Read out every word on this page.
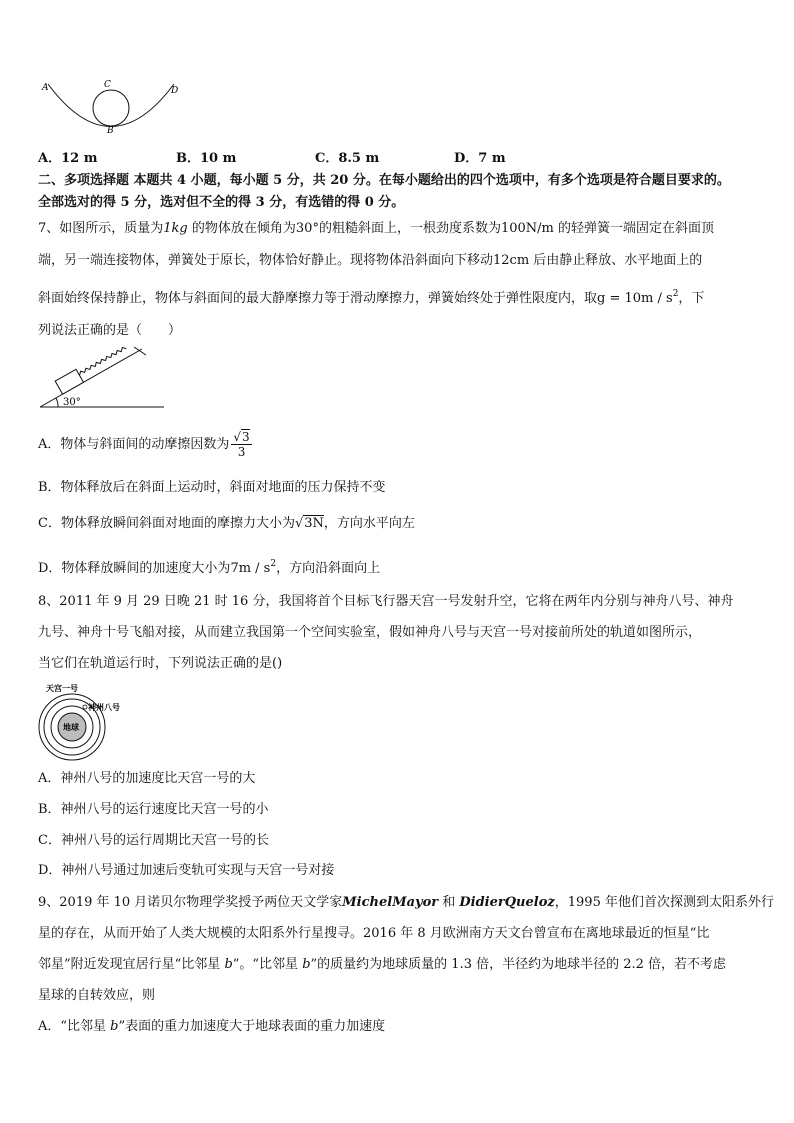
A	C
D
B
A．12 m	B．10 m	C．8.5 m	D．7 m
二、多项选择题 本题共 4 小题，每小题 5 分，共 20 分。在每小题给出的四个选项中，有多个选项是符合题目要求的。
全部选对的得 5 分，选对但不全的得 3 分，有选错的得 0 分。
7、如图所示，质量为1kg 的物体放在倾角为30°的粗糙斜面上，一根劲度系数为100N/m 的轻弹簧一端固定在斜面顶
端，另一端连接物体，弹簧处于原长，物体恰好静止。现将物体沿斜面向下移动12cm 后由静止释放、水平地面上的
斜面始终保持静止，物体与斜面间的最大静摩擦力等于滑动摩擦力，弹簧始终处于弹性限度内，取$g = 10m / s^2$，下
列说法正确的是（　　）
30°
A．物体与斜面间的动摩擦因数为 $\frac{√3}{3}$
B．物体释放后在斜面上运动时，斜面对地面的压力保持不变
C．物体释放瞬间斜面对地面的摩擦力大小为√3N，方向水平向左
D．物体释放瞬间的加速度大小为$7m / s^2$，方向沿斜面向上
8、2011 年 9 月 29 日晚 21 时 16 分，我国将首个目标飞行器天宫一号发射升空，它将在两年内分别与神舟八号、神舟
九号、神舟十号飞船对接，从而建立我国第一个空间实验室，假如神舟八号与天宫一号对接前所处的轨道如图所示，
当它们在轨道运行时，下列说法正确的是()
天宫一号
神州八号
地球
A．神州八号的加速度比天宫一号的大
B．神州八号的运行速度比天宫一号的小
C．神州八号的运行周期比天宫一号的长
D．神州八号通过加速后变轨可实现与天宫一号对接
9、2019 年 10 月诺贝尔物理学奖授予两位天文学家MichelMayor 和 DidierQueloz，1995 年他们首次探测到太阳系外行
星的存在，从而开始了人类大规模的太阳系外行星搜寻。2016 年 8 月欧洲南方天文台曾宣布在离地球最近的恒星“比
邻星”附近发现宜居行星“比邻星 b”。“比邻星 b”的质量约为地球质量的 1.3 倍，半径约为地球半径的 2.2 倍，若不考虑
星球的自转效应，则
A．“比邻星 b”表面的重力加速度大于地球表面的重力加速度
